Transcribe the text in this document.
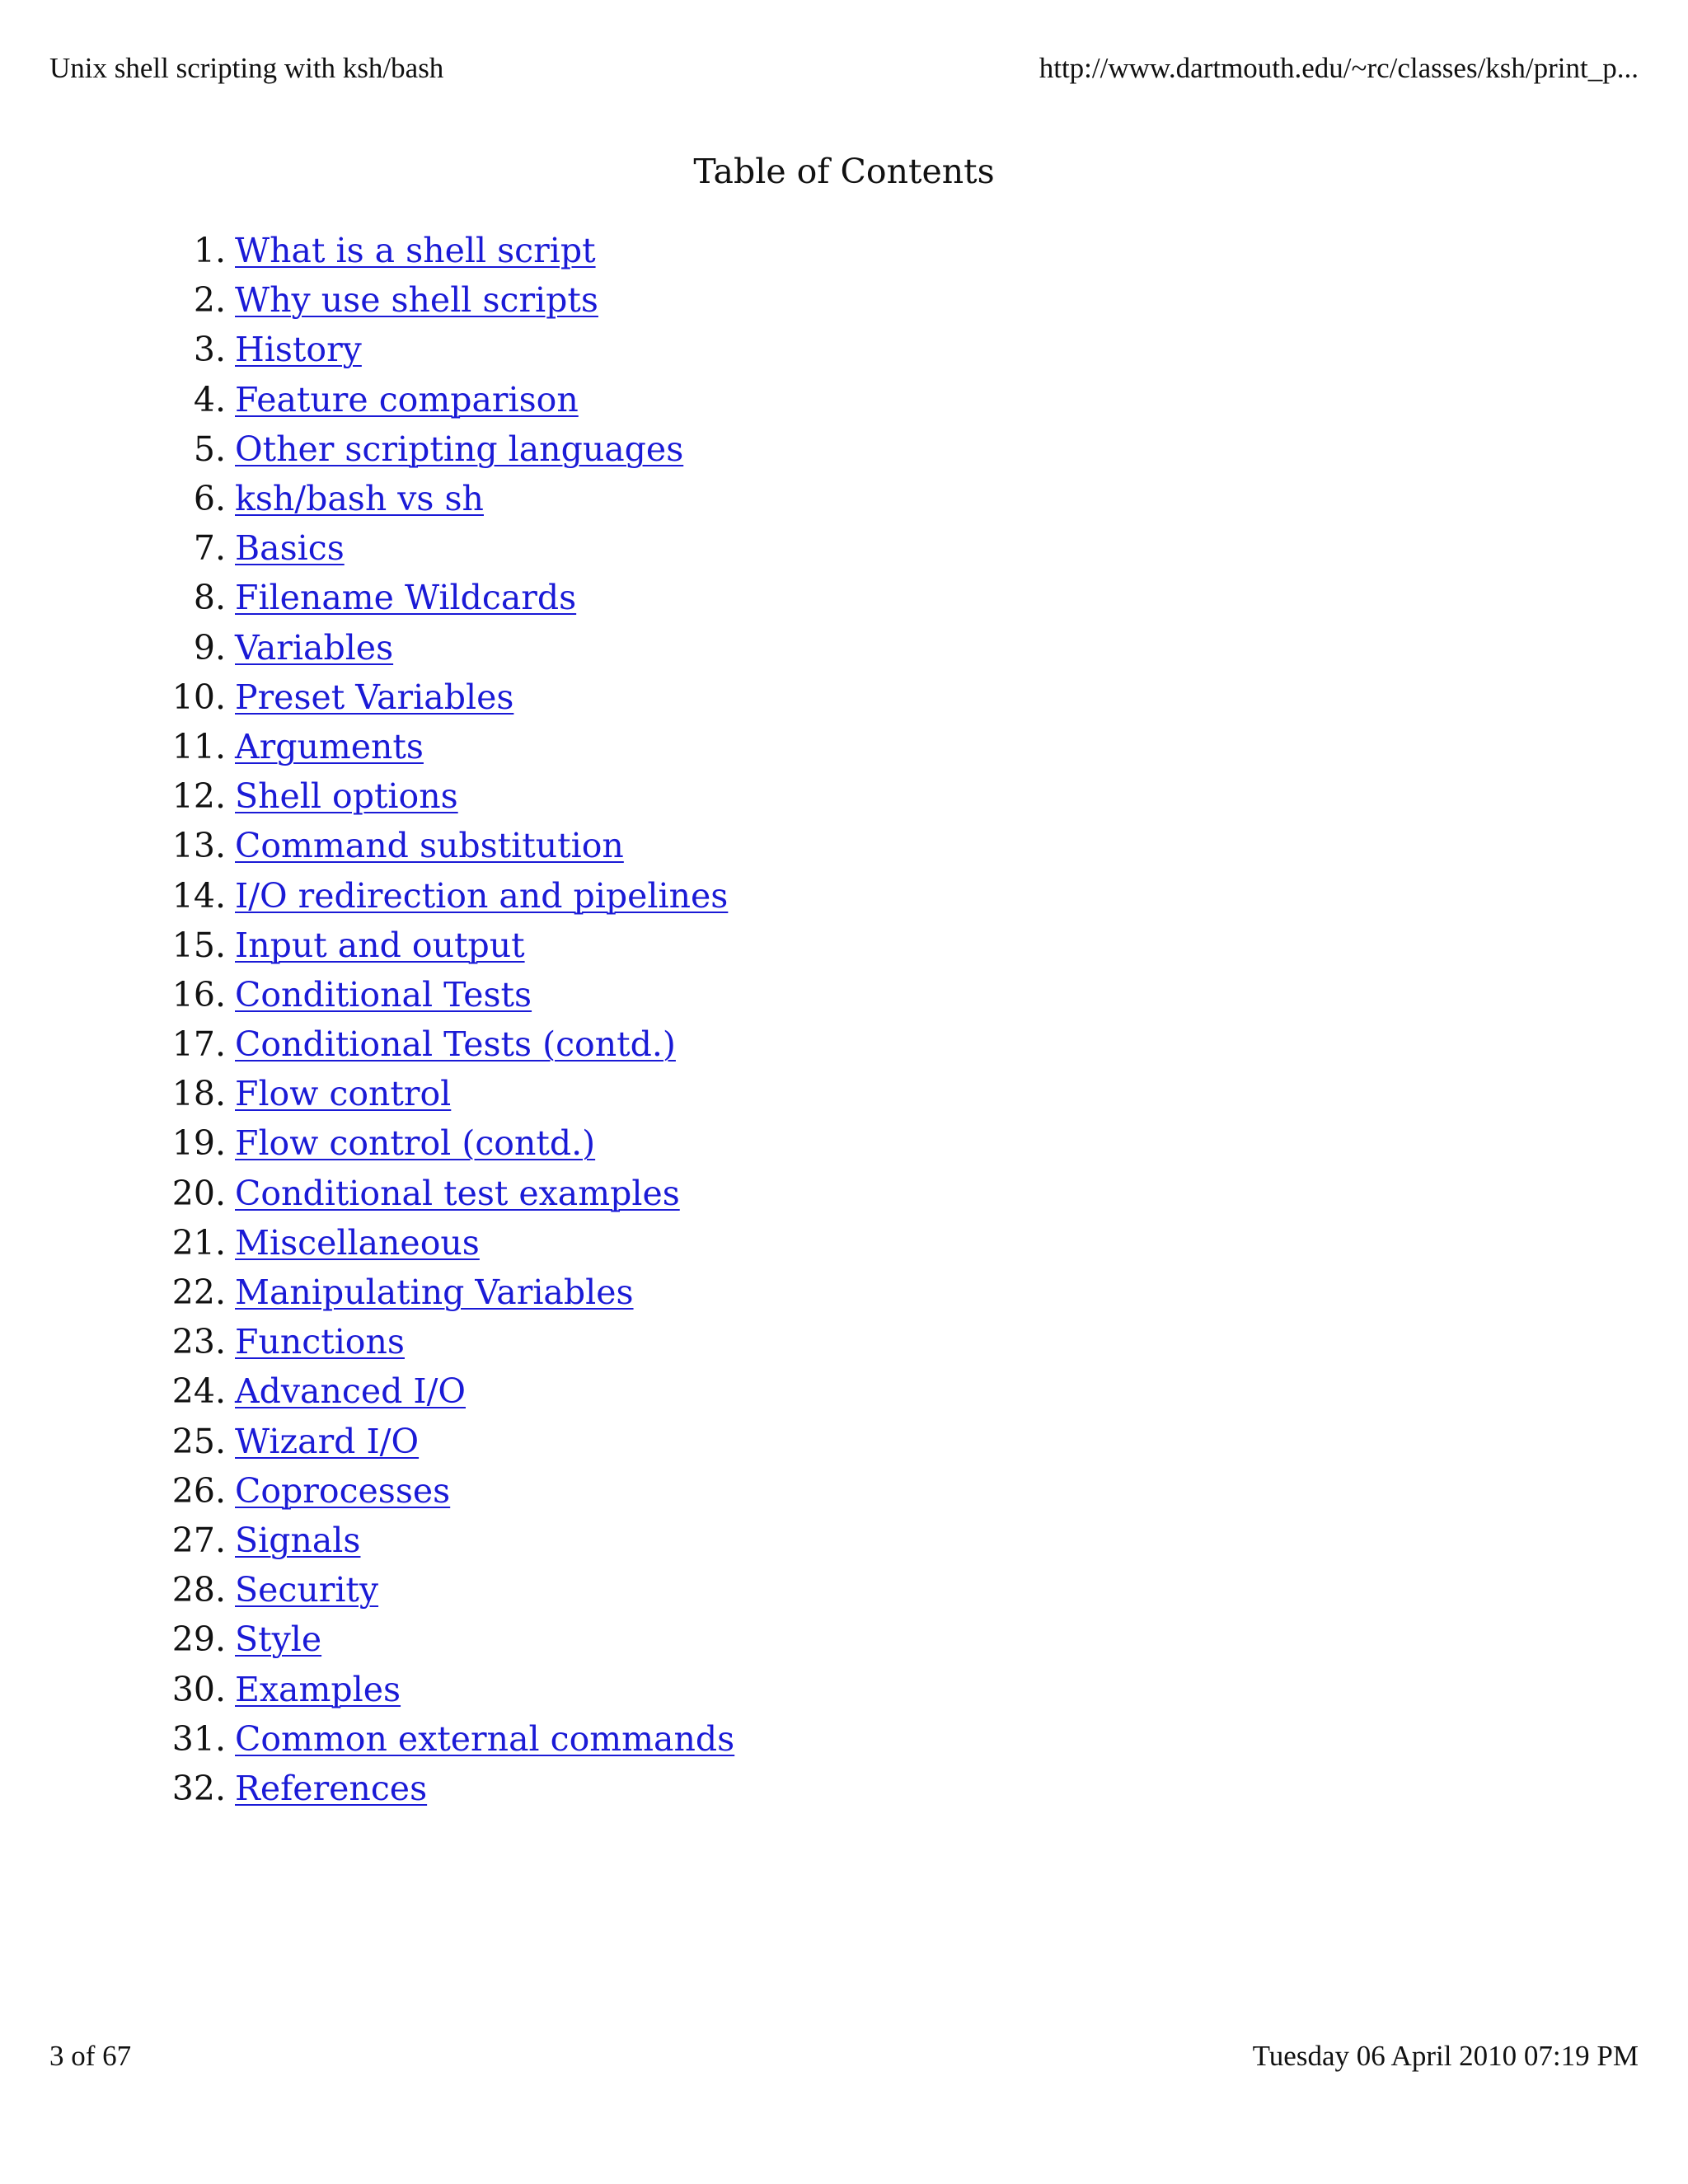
Unix shell scripting with ksh/bash	http://www.dartmouth.edu/~rc/classes/ksh/print_p...
Table of Contents
1. What is a shell script
2. Why use shell scripts
3. History
4. Feature comparison
5. Other scripting languages
6. ksh/bash vs sh
7. Basics
8. Filename Wildcards
9. Variables
10. Preset Variables
11. Arguments
12. Shell options
13. Command substitution
14. I/O redirection and pipelines
15. Input and output
16. Conditional Tests
17. Conditional Tests (contd.)
18. Flow control
19. Flow control (contd.)
20. Conditional test examples
21. Miscellaneous
22. Manipulating Variables
23. Functions
24. Advanced I/O
25. Wizard I/O
26. Coprocesses
27. Signals
28. Security
29. Style
30. Examples
31. Common external commands
32. References
3 of 67	Tuesday 06 April 2010 07:19 PM
